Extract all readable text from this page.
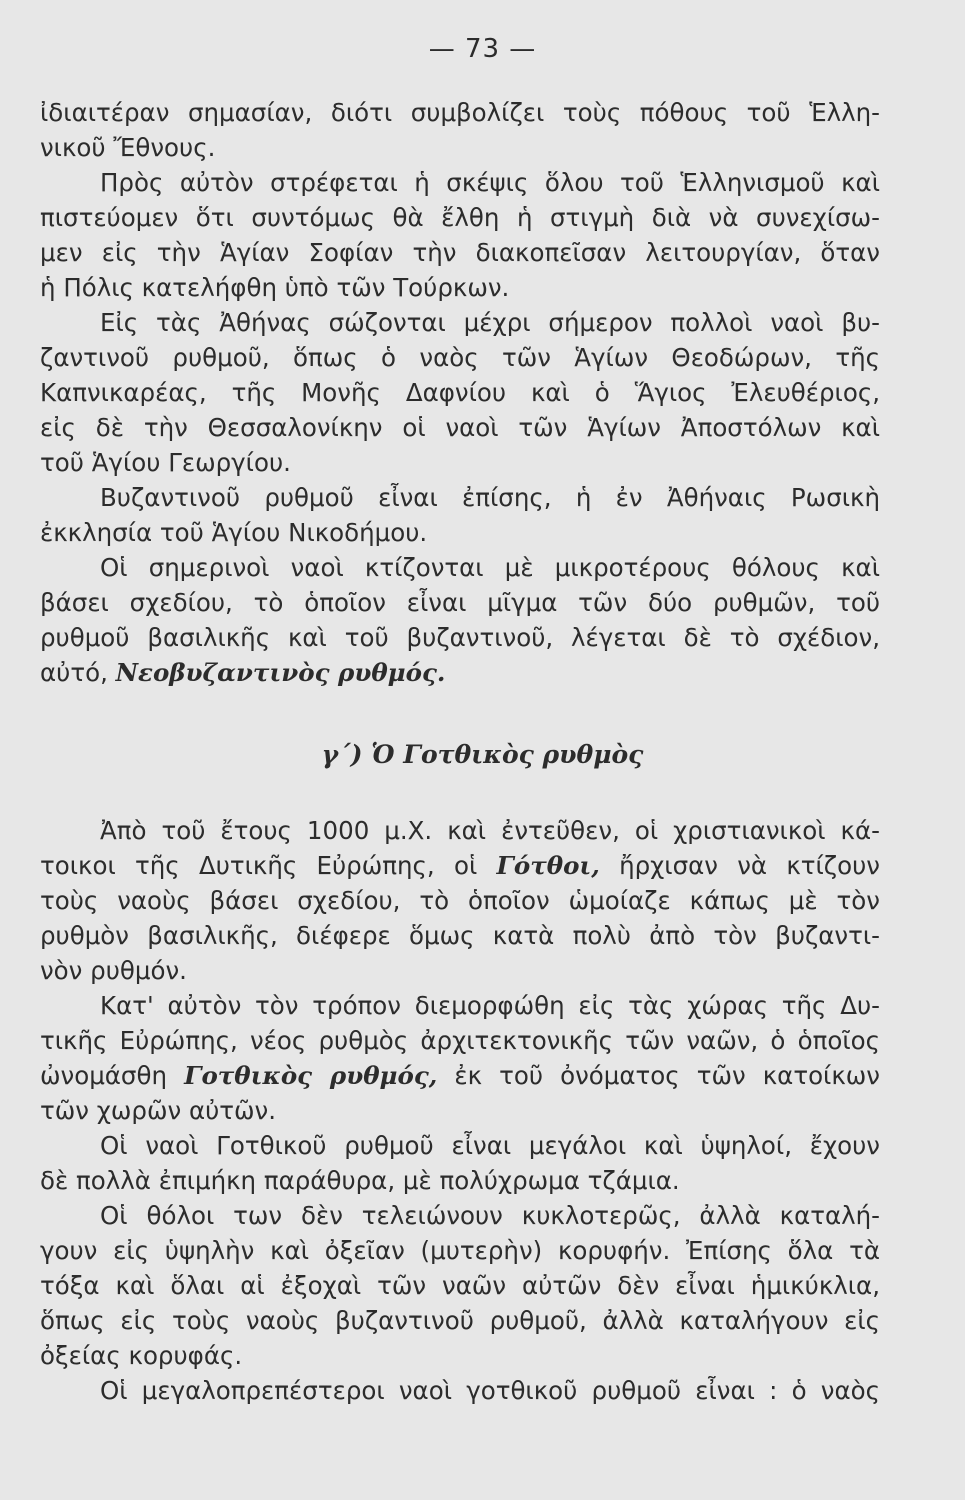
— 73 —
ἰδιαιτέραν σημασίαν, διότι συμβολίζει τοὺς πόθους τοῦ Ἑλλη-
νικοῦ Ἔθνους.
Πρὸς αὐτὸν στρέφεται ἡ σκέψις ὅλου τοῦ Ἑλληνισμοῦ καὶ
πιστεύομεν ὅτι συντόμως θὰ ἔλθη ἡ στιγμὴ διὰ νὰ συνεχίσω-
μεν εἰς τὴν Ἁγίαν Σοφίαν τὴν διακοπεῖσαν λειτουργίαν, ὅταν
ἡ Πόλις κατελήφθη ὑπὸ τῶν Τούρκων.
Εἰς τὰς Ἀθήνας σώζονται μέχρι σήμερον πολλοὶ ναοὶ βυ-
ζαντινοῦ ρυθμοῦ, ὅπως ὁ ναὸς τῶν Ἁγίων Θεοδώρων, τῆς
Καπνικαρέας, τῆς Μονῆς Δαφνίου καὶ ὁ Ἅγιος Ἐλευθέριος,
εἰς δὲ τὴν Θεσσαλονίκην οἱ ναοὶ τῶν Ἁγίων Ἀποστόλων καὶ
τοῦ Ἁγίου Γεωργίου.
Βυζαντινοῦ ρυθμοῦ εἶναι ἐπίσης, ἡ ἐν Ἀθήναις Ρωσικὴ
ἐκκλησία τοῦ Ἁγίου Νικοδήμου.
Οἱ σημερινοὶ ναοὶ κτίζονται μὲ μικροτέρους θόλους καὶ
βάσει σχεδίου, τὸ ὁποῖον εἶναι μῖγμα τῶν δύο ρυθμῶν, τοῦ
ρυθμοῦ βασιλικῆς καὶ τοῦ βυζαντινοῦ, λέγεται δὲ τὸ σχέδιον,
αὐτό, Νεοβυζαντινὸς ρυθμός.
γ΄) Ὁ Γοτθικὸς ρυθμὸς
Ἀπὸ τοῦ ἔτους 1000 μ.Χ. καὶ ἐντεῦθεν, οἱ χριστιανικοὶ κά-
τοικοι τῆς Δυτικῆς Εὐρώπης, οἱ Γότθοι, ἤρχισαν νὰ κτίζουν
τοὺς ναοὺς βάσει σχεδίου, τὸ ὁποῖον ὡμοίαζε κάπως μὲ τὸν
ρυθμὸν βασιλικῆς, διέφερε ὅμως κατὰ πολὺ ἀπὸ τὸν βυζαντι-
νὸν ρυθμόν.
Κατ' αὐτὸν τὸν τρόπον διεμορφώθη εἰς τὰς χώρας τῆς Δυ-
τικῆς Εὐρώπης, νέος ρυθμὸς ἀρχιτεκτονικῆς τῶν ναῶν, ὁ ὁποῖος
ὠνομάσθη Γοτθικὸς ρυθμός, ἐκ τοῦ ὀνόματος τῶν κατοίκων
τῶν χωρῶν αὐτῶν.
Οἱ ναοὶ Γοτθικοῦ ρυθμοῦ εἶναι μεγάλοι καὶ ὑψηλοί, ἔχουν
δὲ πολλὰ ἐπιμήκη παράθυρα, μὲ πολύχρωμα τζάμια.
Οἱ θόλοι των δὲν τελειώνουν κυκλοτερῶς, ἀλλὰ καταλή-
γουν εἰς ὑψηλὴν καὶ ὀξεῖαν (μυτερὴν) κορυφήν. Ἐπίσης ὅλα τὰ
τόξα καὶ ὅλαι αἱ ἐξοχαὶ τῶν ναῶν αὐτῶν δὲν εἶναι ἡμικύκλια,
ὅπως εἰς τοὺς ναοὺς βυζαντινοῦ ρυθμοῦ, ἀλλὰ καταλήγουν εἰς
ὀξείας κορυφάς.
Οἱ μεγαλοπρεπέστεροι ναοὶ γοτθικοῦ ρυθμοῦ εἶναι : ὁ ναὸς
